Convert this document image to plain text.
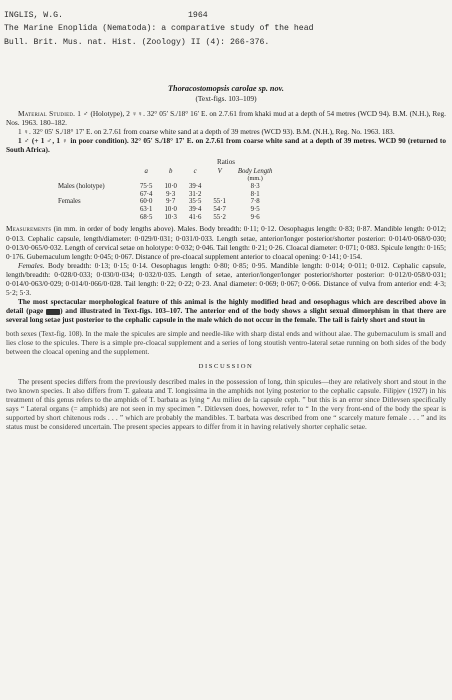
INGLIS, W.G.	1964
The Marine Enoplida (Nematoda): a comparative study of the head
Bull. Brit. Mus. nat. Hist. (Zoology) II (4): 266-376.
Thoracostomopsis carolae sp. nov.
(Text-figs. 103–109)

Material Studied. 1 ♂ (Holotype), 2 ♀♀. 32° 05′ S./18° 16′ E. on 2.7.61 from khaki mud at a depth of 54 metres (WCD 94). B.M. (N.H.), Reg. Nos. 1963. 180–182.

1 ♀. 32° 05′ S./18° 17′ E. on 2.7.61 from coarse white sand at a depth of 39 metres (WCD 93). B.M. (N.H.), Reg. No. 1963. 183.

1 ♂ (+ 1 ♂, 1 ♀ in poor condition). 32° 05′ S./18° 17′ E. on 2.7.61 from coarse white sand at a depth of 39 metres. WCD 90 (returned to South Africa).

Ratios
	a	b	c	V	Body Length
					(mm.)
Males (holotype)	75·5	10·0	39·4		8·3
	67·4	9·3	31·2		8·1
Females	60·0	9·7	35·5	55·1	7·8
	63·1	10·0	39·4	54·7	9·5
	68·5	10·3	41·6	55·2	9·6

Measurements (in mm. in order of body lengths above). Males. Body breadth: 0·11; 0·12. Oesophagus length: 0·83; 0·87. Mandible length: 0·012; 0·013. Cephalic capsule, length/diameter: 0·029/0·031; 0·031/0·033. Length setae, anterior/longer posterior/shorter posterior: 0·014/0·068/0·030; 0·013/0·065/0·032. Length of cervical setae on holotype: 0·032; 0·046. Tail length: 0·21; 0·26. Cloacal diameter: 0·071; 0·083. Spicule length: 0·165; 0·176. Gubernaculum length: 0·045; 0·067. Distance of pre-cloacal supplement anterior to cloacal opening: 0·141; 0·154.

Females. Body breadth: 0·13; 0·15; 0·14. Oesophagus length: 0·80; 0·85; 0·95. Mandible length: 0·014; 0·011; 0·012. Cephalic capsule, length/breadth: 0·028/0·033; 0·030/0·034; 0·032/0·035. Length of setae, anterior/longer/longer posterior/shorter posterior: 0·012/0·058/0·031; 0·014/0·063/0·029; 0·014/0·066/0·028. Tail length: 0·22; 0·22; 0·23. Anal diameter: 0·069; 0·067; 0·066. Distance of vulva from anterior end: 4·3; 5·2; 5·3.

The most spectacular morphological feature of this animal is the highly modified head and oesophagus which are described above in detail (page ) and illustrated in Text-figs. 103–107. The anterior end of the body shows a slight sexual dimorphism in that there are several long setae just posterior to the cephalic capsule in the male which do not occur in the female. The tail is fairly short and stout in

both sexes (Text-fig. 108). In the male the spicules are simple and needle-like with sharp distal ends and without alae. The gubernaculum is small and lies close to the spicules. There is a simple pre-cloacal supplement and a series of long stoutish ventro-lateral setae running on both sides of the body between the cloacal opening and the supplement.

DISCUSSION

The present species differs from the previously described males in the possession of long, thin spicules—they are relatively short and stout in the two known species. It also differs from T. galeata and T. longissima in the amphids not lying posterior to the cephalic capsule. Filipjev (1927) in his treatment of this genus refers to the amphids of T. barbata as lying “ Au milieu de la capsule ceph. ” but this is an error since Ditlevsen specifically says “ Lateral organs (= amphids) are not seen in my specimen ”. Ditlevsen does, however, refer to “ In the very front-end of the body the spear is supported by short chitenous rods . . . ” which are probably the mandibles. T. barbata was described from one “ scarcely mature female . . . ” and its status must be considered uncertain. The present species appears to differ from it in having relatively shorter cephalic setae.
